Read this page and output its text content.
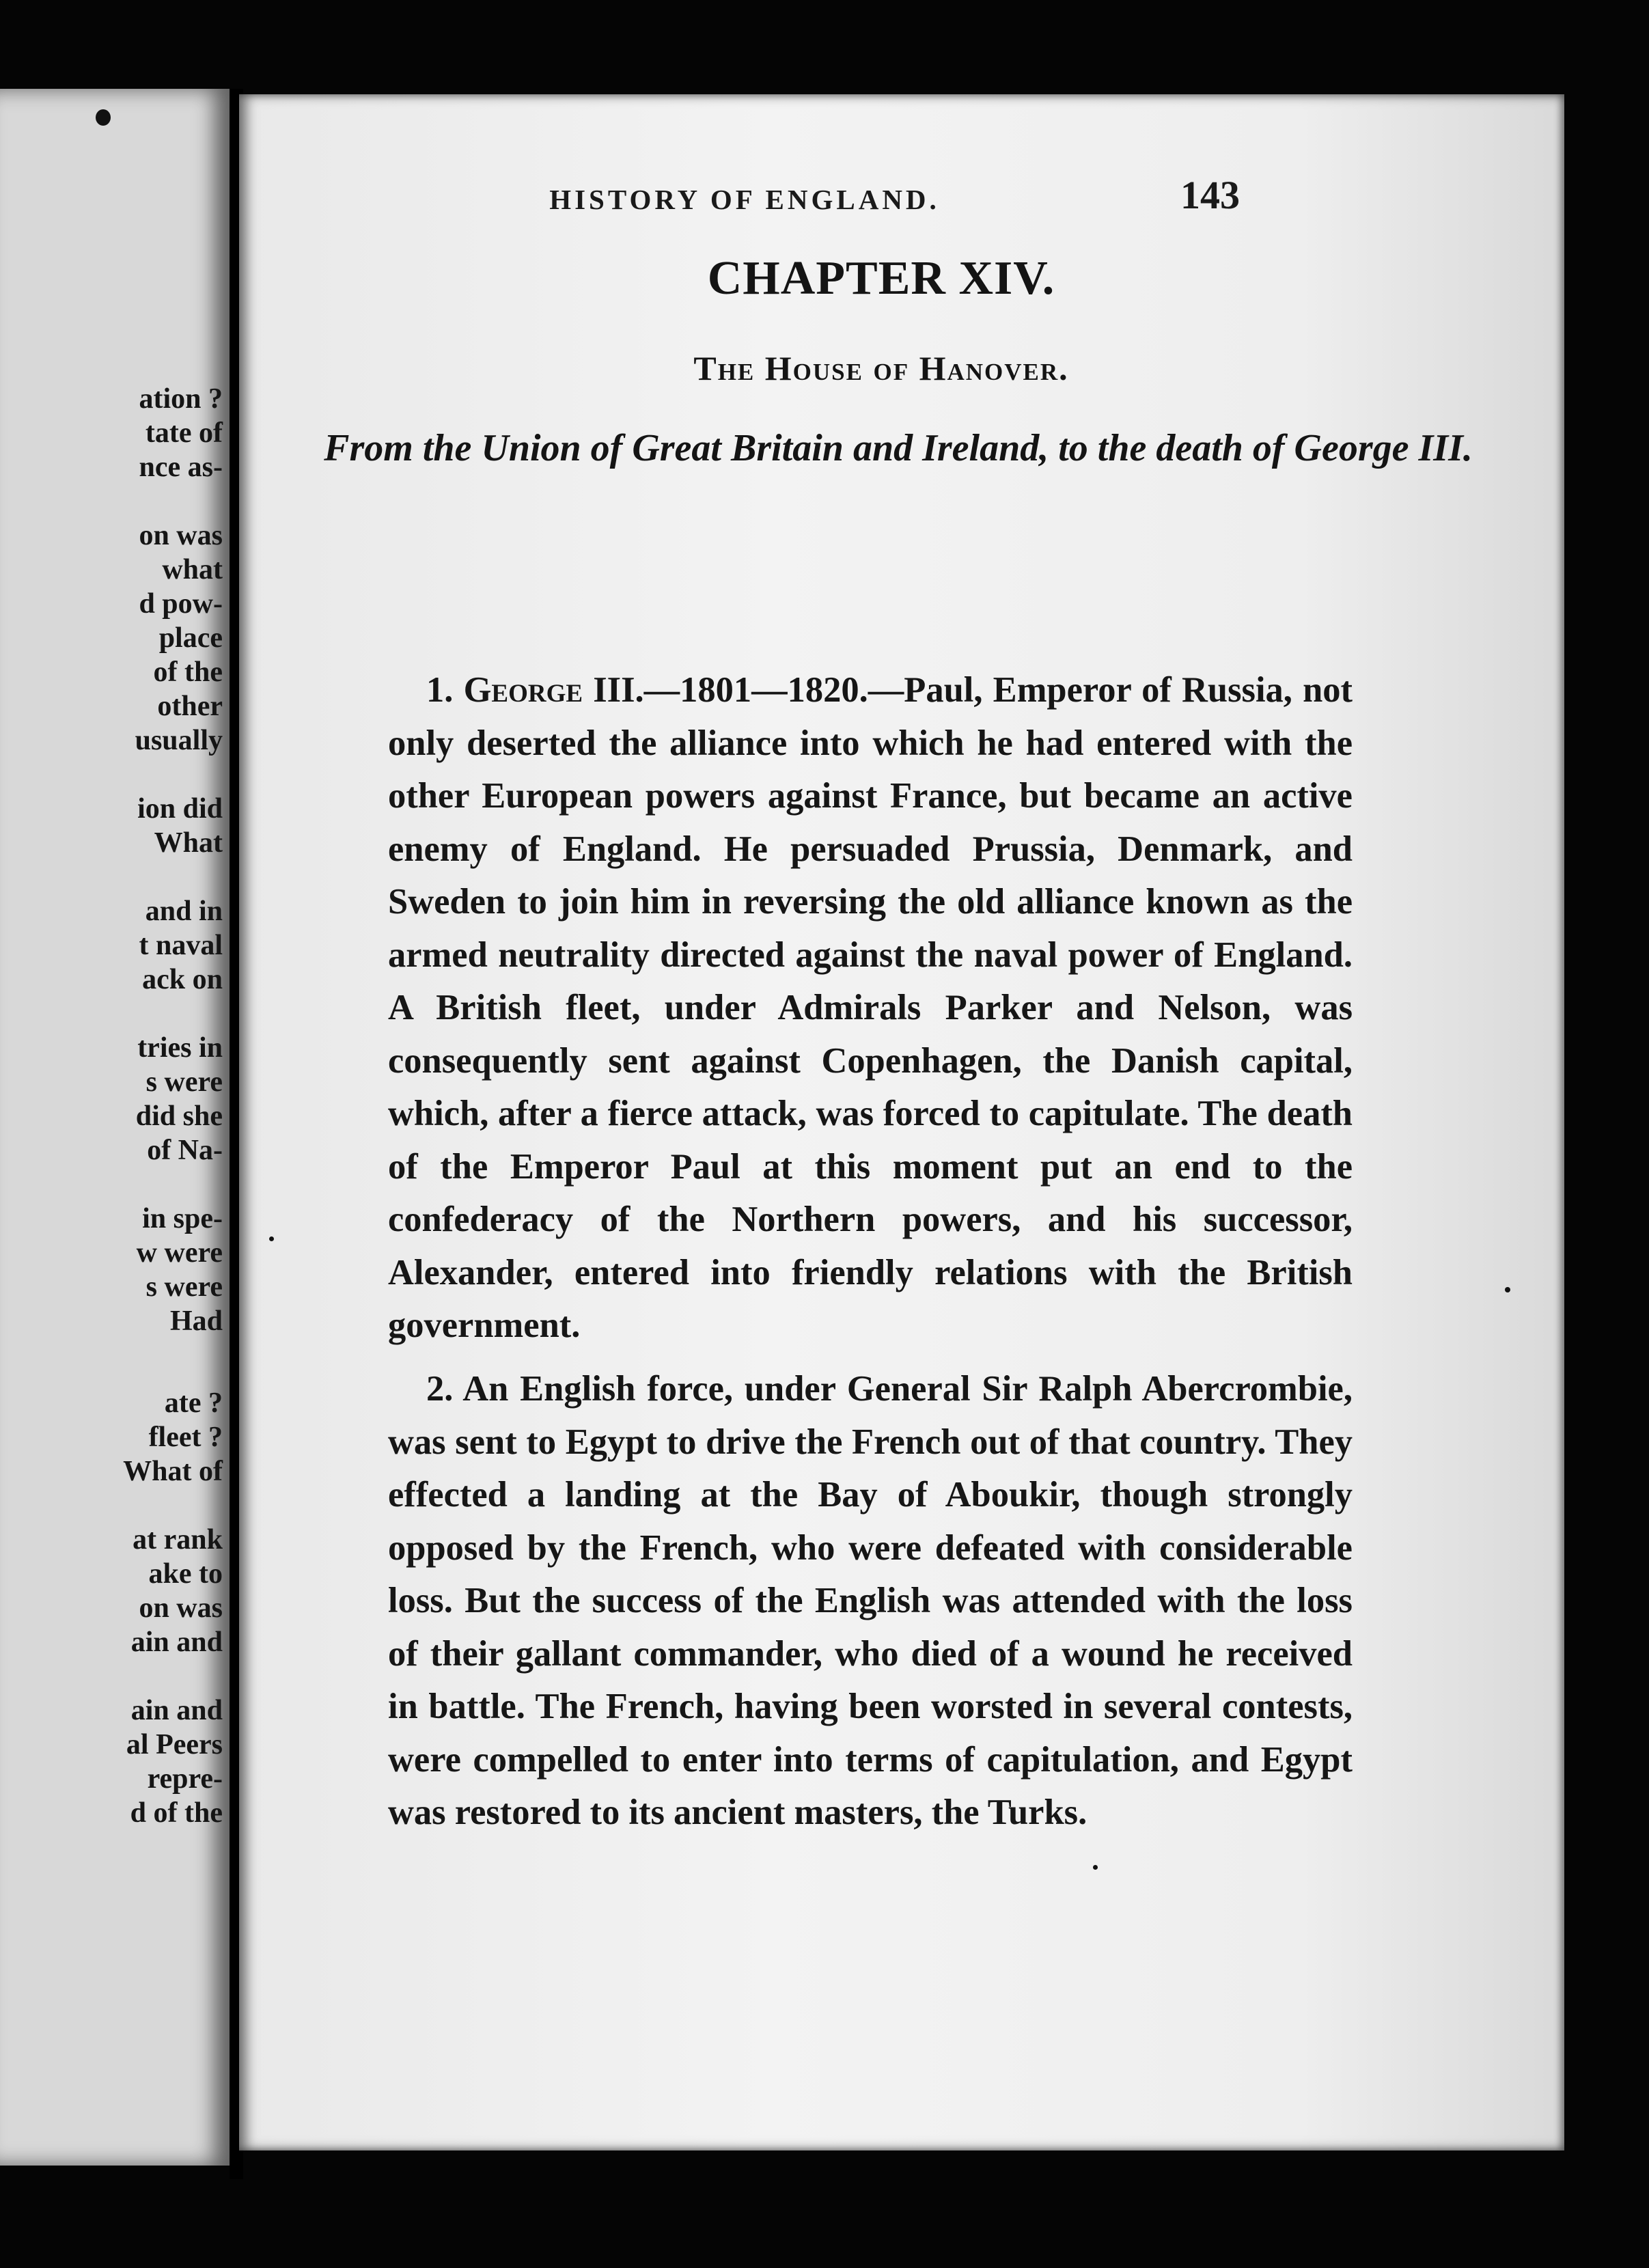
ation ?

tate of

nce as-

on was

what

d pow-

place

of the

other

usually

ion did

What

and in

t naval

ack on

tries in

s were

did she

of Na-

in spe-

w were

s were

Had

ate ?

fleet ?

What of

at rank

ake to

on was

ain and

ain and

al Peers

repre-

d of the

HISTORY OF ENGLAND.	143

CHAPTER XIV.
The House of Hanover.

From the Union of Great Britain and Ireland, to the death of George III.

1. George III.—1801—1820.—Paul, Emperor of Russia, not only deserted the alliance into which he had entered with the other European powers against France, but became an active enemy of England. He persuaded Prussia, Denmark, and Sweden to join him in reversing the old alliance known as the armed neutrality directed against the naval power of England. A British fleet, under Admirals Parker and Nelson, was consequently sent against Copenhagen, the Danish capital, which, after a fierce attack, was forced to capitulate. The death of the Emperor Paul at this moment put an end to the confederacy of the Northern powers, and his successor, Alexander, entered into friendly relations with the British government.

2. An English force, under General Sir Ralph Abercrombie, was sent to Egypt to drive the French out of that country. They effected a landing at the Bay of Aboukir, though strongly opposed by the French, who were defeated with considerable loss. But the success of the English was attended with the loss of their gallant commander, who died of a wound he received in battle. The French, having been worsted in several contests, were compelled to enter into terms of capitulation, and Egypt was restored to its ancient masters, the Turks.
